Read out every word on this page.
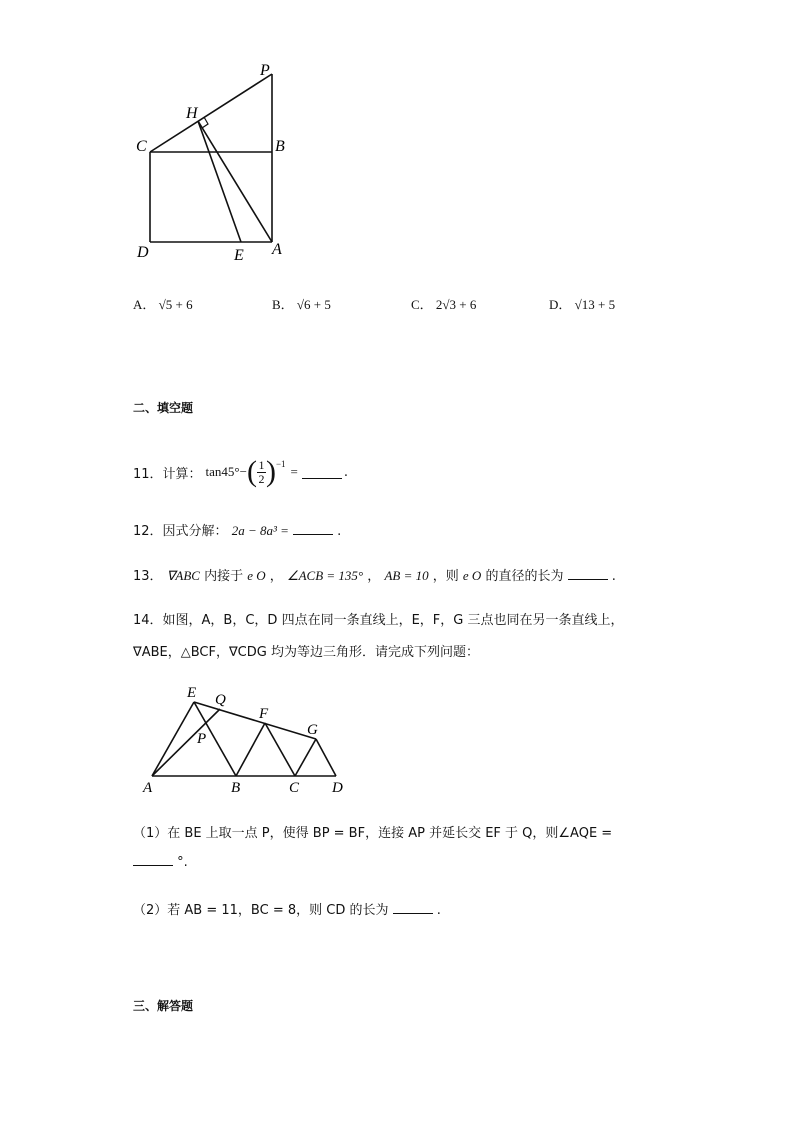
P
H
C	B
D	E A
A． √5 + 6	B． √6 + 5	C． 2√3 + 6	D． √13 + 5
二、填空题
11．计算： tan45°− ( 1
2 ) −1 =	.
12．因式分解： 2a − 8a³ =	.
13． ∇ABC 内接于 e O ， ∠ACB = 135° ， AB = 10 ，则 e O 的直径的长为	.
14．如图，A，B，C，D 四点在同一条直线上，E，F，G 三点也同在另一条直线上，
∇ABE，△BCF，∇CDG 均为等边三角形．请完成下列问题：
E Q
F
G
P
A	B	C D
（1）在 BE 上取一点 P，使得 BP = BF，连接 AP 并延长交 EF 于 Q，则∠AQE =
°.
（2）若 AB = 11，BC = 8，则 CD 的长为	.
三、解答题
